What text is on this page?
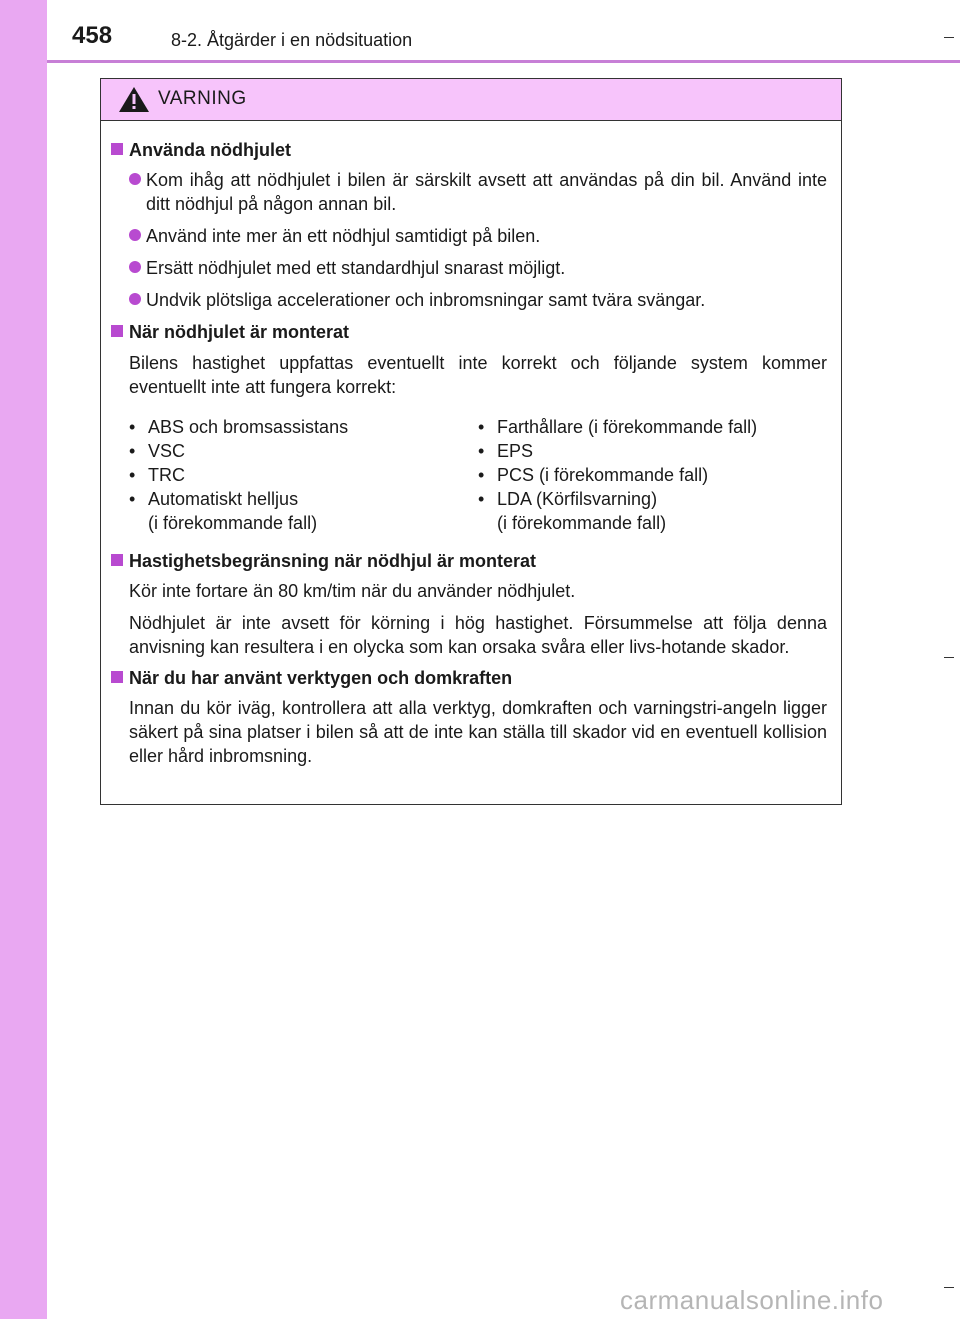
458	8-2. Åtgärder i en nödsituation
VARNING
Använda nödhjulet
Kom ihåg att nödhjulet i bilen är särskilt avsett att användas på din bil. Använd inte ditt nödhjul på någon annan bil.
Använd inte mer än ett nödhjul samtidigt på bilen.
Ersätt nödhjulet med ett standardhjul snarast möjligt.
Undvik plötsliga accelerationer och inbromsningar samt tvära svängar.
När nödhjulet är monterat
Bilens hastighet uppfattas eventuellt inte korrekt och följande system kommer eventuellt inte att fungera korrekt:
• ABS och bromsassistans
• VSC
• TRC
• Automatiskt helljus
(i förekommande fall)
• Farthållare (i förekommande fall)
• EPS
• PCS (i förekommande fall)
• LDA (Körfilsvarning)
(i förekommande fall)
Hastighetsbegränsning när nödhjul är monterat
Kör inte fortare än 80 km/tim när du använder nödhjulet.
Nödhjulet är inte avsett för körning i hög hastighet. Försummelse att följa denna anvisning kan resultera i en olycka som kan orsaka svåra eller livs-hotande skador.
När du har använt verktygen och domkraften
Innan du kör iväg, kontrollera att alla verktyg, domkraften och varningstri-angeln ligger säkert på sina platser i bilen så att de inte kan ställa till skador vid en eventuell kollision eller hård inbromsning.
carmanualsonline.info
